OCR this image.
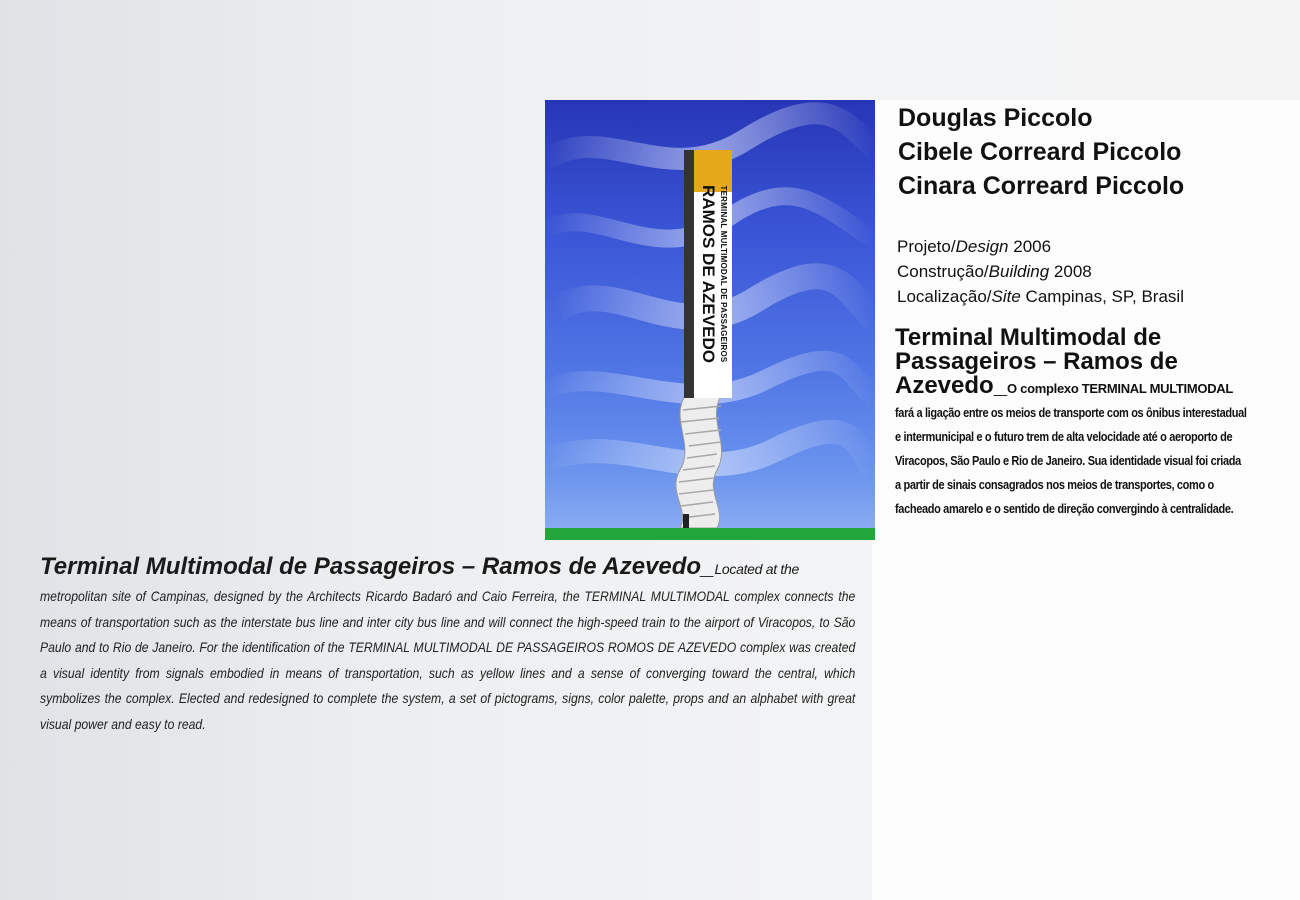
TERMINAL MULTIMODAL DE PASSAGEIROS
RAMOS DE AZEVEDO
Douglas Piccolo
Cibele Correard Piccolo
Cinara Correard Piccolo
Projeto/Design 2006
Construção/Building 2008
Localização/Site Campinas, SP, Brasil
Terminal Multimodal de Passageiros – Ramos de Azevedo_O complexo TERMINAL MULTIMODAL
fará a ligação entre os meios de transporte com os ônibus interestadual e intermunicipal e o futuro trem de alta velocidade até o aeroporto de Viracopos, São Paulo e Rio de Janeiro. Sua identidade visual foi criada a partir de sinais consagrados nos meios de transportes, como o facheado amarelo e o sentido de direção convergindo à centralidade.
Terminal Multimodal de Passageiros – Ramos de Azevedo_Located at the
metropolitan site of Campinas, designed by the Architects Ricardo Badaró and Caio Ferreira, the TERMINAL MULTIMODAL complex connects the means of transportation such as the interstate bus line and inter city bus line and will connect the high-speed train to the airport of Viracopos, to São Paulo and to Rio de Janeiro. For the identification of the TERMINAL MULTIMODAL DE PASSAGEIROS ROMOS DE AZEVEDO complex was created a visual identity from signals embodied in means of transportation, such as yellow lines and a sense of converging toward the central, which symbolizes the complex. Elected and redesigned to complete the system, a set of pictograms, signs, color palette, props and an alphabet with great visual power and easy to read.
